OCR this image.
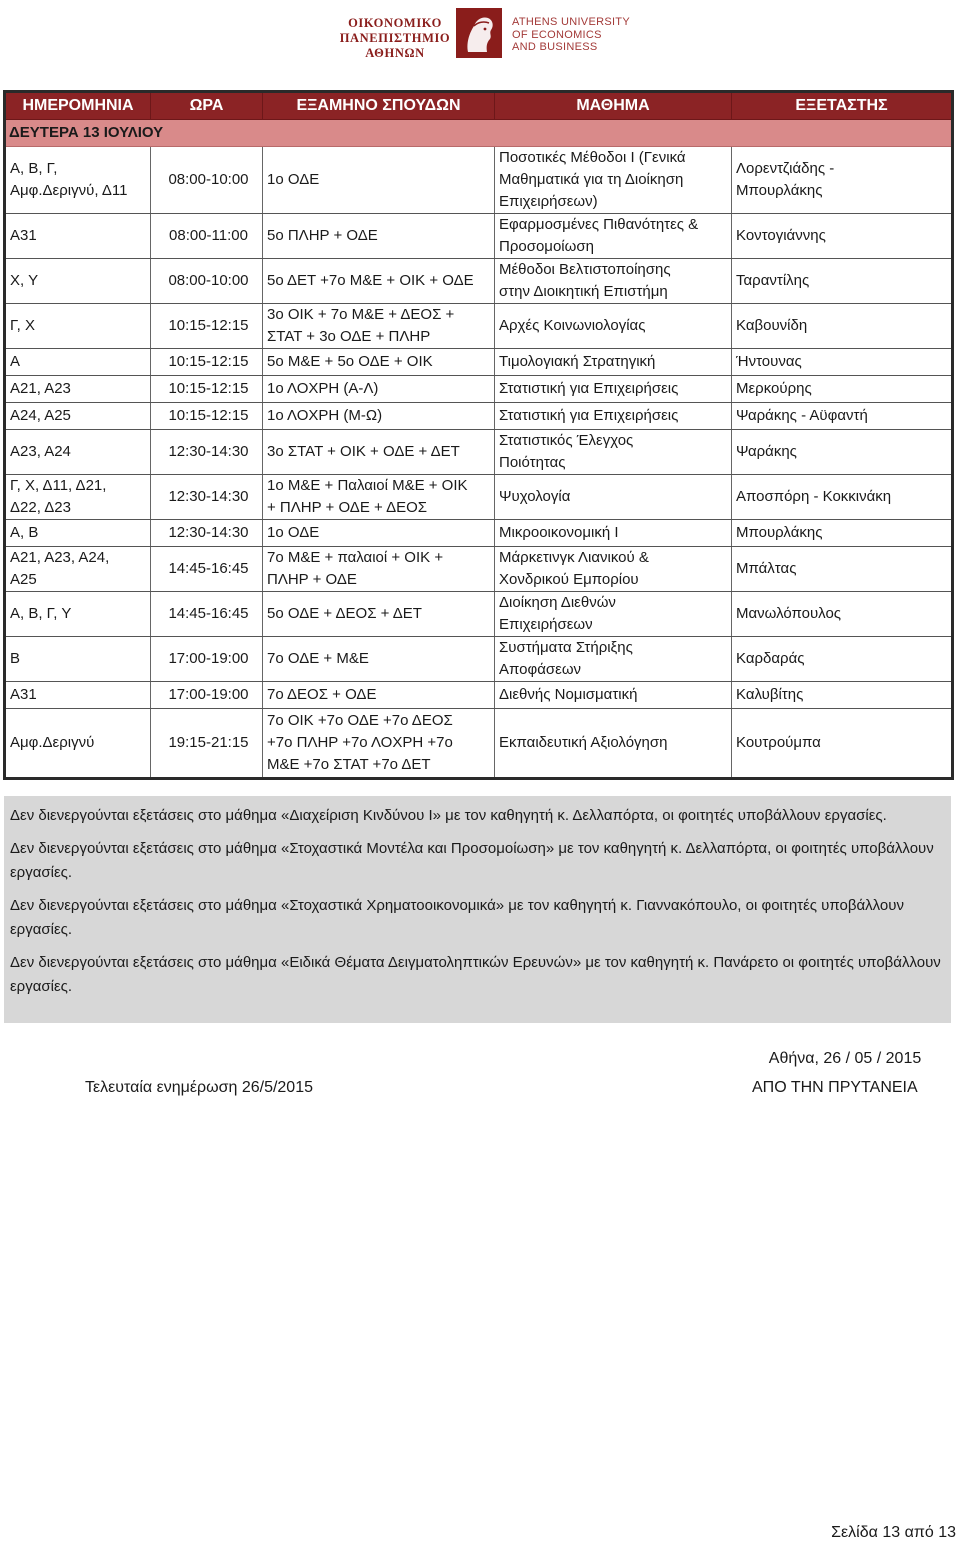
ΟΙΚΟΝΟΜΙΚΟ
ΠΑΝΕΠΙΣΤΗΜΙΟ
ΑΘΗΝΩΝ
ATHENS UNIVERSITY
OF ECONOMICS
AND BUSINESS
ΗΜΕΡΟΜΗΝΙΑ	ΩΡΑ	ΕΞΑΜΗΝΟ ΣΠΟΥΔΩΝ	ΜΑΘΗΜΑ	ΕΞΕΤΑΣΤΗΣ
ΔΕΥΤΕΡΑ 13 ΙΟΥΛΙΟΥ				
Α, Β, Γ,
Αμφ.Δεριγνύ, Δ11	08:00-10:00	1ο ΟΔΕ	Ποσοτικές Μέθοδοι Ι (Γενικά
Μαθηματικά για τη Διοίκηση
Επιχειρήσεων)	Λορεντζιάδης -
Μπουρλάκης
Α31	08:00-11:00	5ο ΠΛΗΡ + ΟΔΕ	Εφαρμοσμένες Πιθανότητες &
Προσομοίωση	Κοντογιάννης
Χ, Υ	08:00-10:00	5ο ΔΕΤ +7ο Μ&Ε + ΟΙΚ + ΟΔΕ	Μέθοδοι Βελτιστοποίησης
στην Διοικητική Επιστήμη	Ταραντίλης
Γ, Χ	10:15-12:15	3ο ΟΙΚ + 7ο Μ&Ε + ΔΕΟΣ +
ΣΤΑΤ + 3ο ΟΔΕ + ΠΛΗΡ	Αρχές Κοινωνιολογίας	Καβουνίδη
Α	10:15-12:15	5ο Μ&Ε + 5ο ΟΔΕ + ΟΙΚ	Τιμολογιακή Στρατηγική	Ήντουνας
Α21, Α23	10:15-12:15	1ο ΛΟΧΡΗ (Α-Λ)	Στατιστική για Επιχειρήσεις	Μερκούρης
Α24, Α25	10:15-12:15	1ο ΛΟΧΡΗ (Μ-Ω)	Στατιστική για Επιχειρήσεις	Ψαράκης - Αϋφαντή
Α23, Α24	12:30-14:30	3ο ΣΤΑΤ + ΟΙΚ + ΟΔΕ + ΔΕΤ	Στατιστικός Έλεγχος
Ποιότητας	Ψαράκης
Γ, Χ, Δ11, Δ21,
Δ22, Δ23	12:30-14:30	1ο Μ&Ε + Παλαιοί Μ&Ε + ΟΙΚ
+ ΠΛΗΡ + ΟΔΕ + ΔΕΟΣ	Ψυχολογία	Αποσπόρη - Κοκκινάκη
Α, Β	12:30-14:30	1ο ΟΔΕ	Μικροοικονομική Ι	Μπουρλάκης
Α21, Α23, Α24,
Α25	14:45-16:45	7ο Μ&Ε + παλαιοί + ΟΙΚ +
ΠΛΗΡ + ΟΔΕ	Μάρκετινγκ Λιανικού &
Χονδρικού Εμπορίου	Μπάλτας
Α, Β, Γ, Υ	14:45-16:45	5ο ΟΔΕ + ΔΕΟΣ + ΔΕΤ	Διοίκηση Διεθνών
Επιχειρήσεων	Μανωλόπουλος
Β	17:00-19:00	7ο ΟΔΕ + Μ&Ε	Συστήματα Στήριξης
Αποφάσεων	Καρδαράς
Α31	17:00-19:00	7ο ΔΕΟΣ + ΟΔΕ	Διεθνής Νομισματική	Καλυβίτης
Αμφ.Δεριγνύ	19:15-21:15	7ο ΟΙΚ +7ο ΟΔΕ +7ο ΔΕΟΣ
+7ο ΠΛΗΡ +7ο ΛΟΧΡΗ +7ο
Μ&Ε +7ο ΣΤΑΤ +7ο ΔΕΤ	Εκπαιδευτική Αξιολόγηση	Κουτρούμπα

Δεν διενεργούνται εξετάσεις στο μάθημα «Διαχείριση Κινδύνου Ι» με τον καθηγητή κ. Δελλαπόρτα, οι φοιτητές υποβάλλουν εργασίες.

Δεν διενεργούνται εξετάσεις στο μάθημα «Στοχαστικά Μοντέλα και Προσομοίωση» με τον καθηγητή κ. Δελλαπόρτα, οι φοιτητές υποβάλλουν εργασίες.

Δεν διενεργούνται εξετάσεις στο μάθημα «Στοχαστικά Χρηματοοικονομικά» με τον καθηγητή κ. Γιαννακόπουλο, οι φοιτητές υποβάλλουν εργασίες.

Δεν διενεργούνται εξετάσεις στο μάθημα «Ειδικά Θέματα Δειγματοληπτικών Ερευνών» με τον καθηγητή κ. Πανάρετο οι φοιτητές υποβάλλουν εργασίες.

Αθήνα, 26 / 05 / 2015
Τελευταία ενημέρωση 26/5/2015	ΑΠΟ ΤΗΝ ΠΡΥΤΑΝΕΙΑ
Σελίδα 13 από 13
